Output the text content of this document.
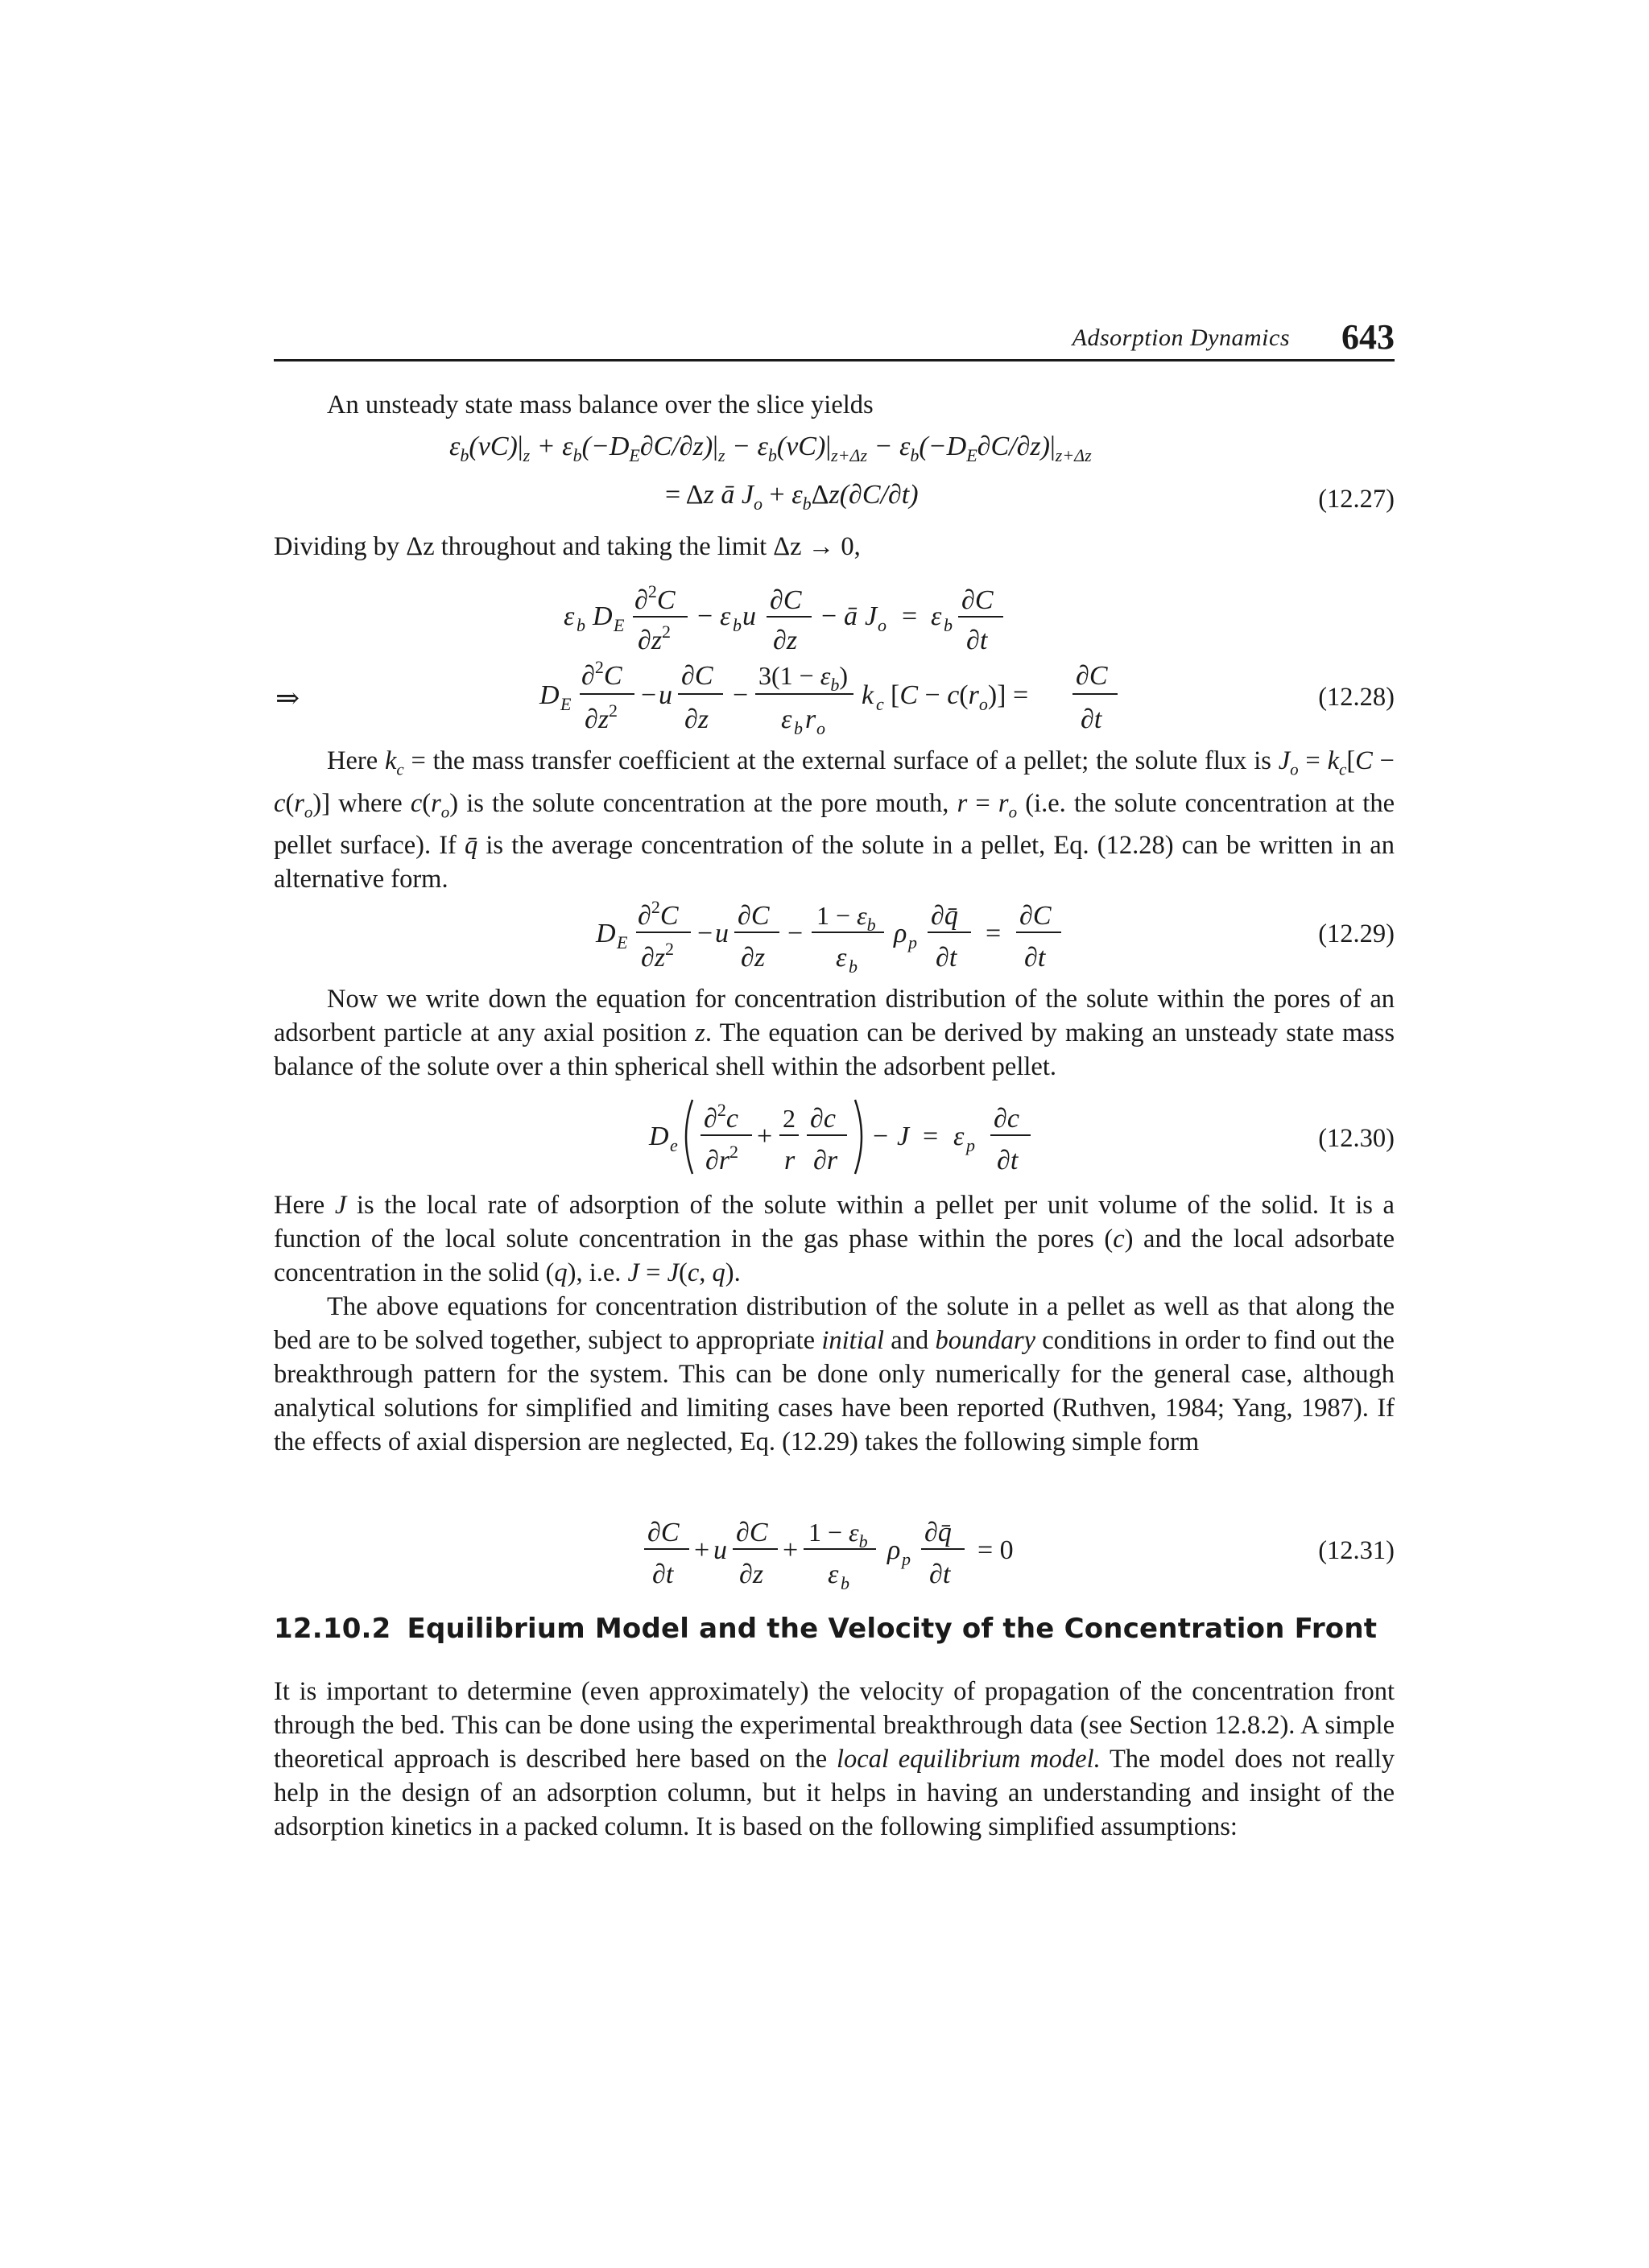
Adsorption Dynamics 643
An unsteady state mass balance over the slice yields
$\varepsilon_b(vC)|_z + \varepsilon_b(-D_E\partial C/\partial z)|_z - \varepsilon_b(vC)|_{z+\Delta z} - \varepsilon_b(-D_E\partial C/\partial z)|_{z+\Delta z}$
= Δz ā $J_o + \varepsilon_b\Delta z(\partial C/\partial t)$	(12.27)
Dividing by Δz throughout and taking the limit Δz → 0,
ε b D E
∂$^2$C
$\partial z^2$
− ε b u
∂C
∂z
− ā J o = ε b
∂C
∂t
⇒	D E
∂$^2$C
$\partial z^2$
− u
∂C
∂z
−
$3(1 - \varepsilon_b)$
ε b r o
k c $[C - c(r_o)]$ =
∂C
∂t
(12.28)
Here $k_c$ = the mass transfer coefficient at the external surface of a pellet; the solute flux is $J_o = k_c[C - c(r_o)]$ where $c(r_o)$ is the solute concentration at the pore mouth, $r = r_o$ (i.e. the solute concentration at the pellet surface). If q̄ is the average concentration of the solute in a pellet, Eq. (12.28) can be written in an alternative form.
D E
∂$^2$C
$\partial z^2$
− u
∂C
∂z
−
$1 - \varepsilon_b$
ε b
ρ p
∂q̄
∂t
=
∂C
∂t
(12.29)
Now we write down the equation for concentration distribution of the solute within the pores of an adsorbent particle at any axial position z. The equation can be derived by making an unsteady state mass balance of the solute over a thin spherical shell within the adsorbent pellet.
D e
∂$^2$c
$\partial r^2$
+
2
r
∂c
∂r
− J = ε p
∂c
∂t
(12.30)
Here J is the local rate of adsorption of the solute within a pellet per unit volume of the solid. It is a function of the local solute concentration in the gas phase within the pores (c) and the local adsorbate concentration in the solid (q), i.e. J = J(c, q).
The above equations for concentration distribution of the solute in a pellet as well as that along the bed are to be solved together, subject to appropriate initial and boundary conditions in order to find out the breakthrough pattern for the system. This can be done only numerically for the general case, although analytical solutions for simplified and limiting cases have been reported (Ruthven, 1984; Yang, 1987). If the effects of axial dispersion are neglected, Eq. (12.29) takes the following simple form
∂C
∂t
+ u
∂C
∂z
+
$1 - \varepsilon_b$
ε b
ρ p
∂q̄
∂t
= 0	(12.31)
12.10.2 Equilibrium Model and the Velocity of the Concentration Front
It is important to determine (even approximately) the velocity of propagation of the concentration front through the bed. This can be done using the experimental breakthrough data (see Section 12.8.2). A simple theoretical approach is described here based on the local equilibrium model. The model does not really help in the design of an adsorption column, but it helps in having an understanding and insight of the adsorption kinetics in a packed column. It is based on the following simplified assumptions:
